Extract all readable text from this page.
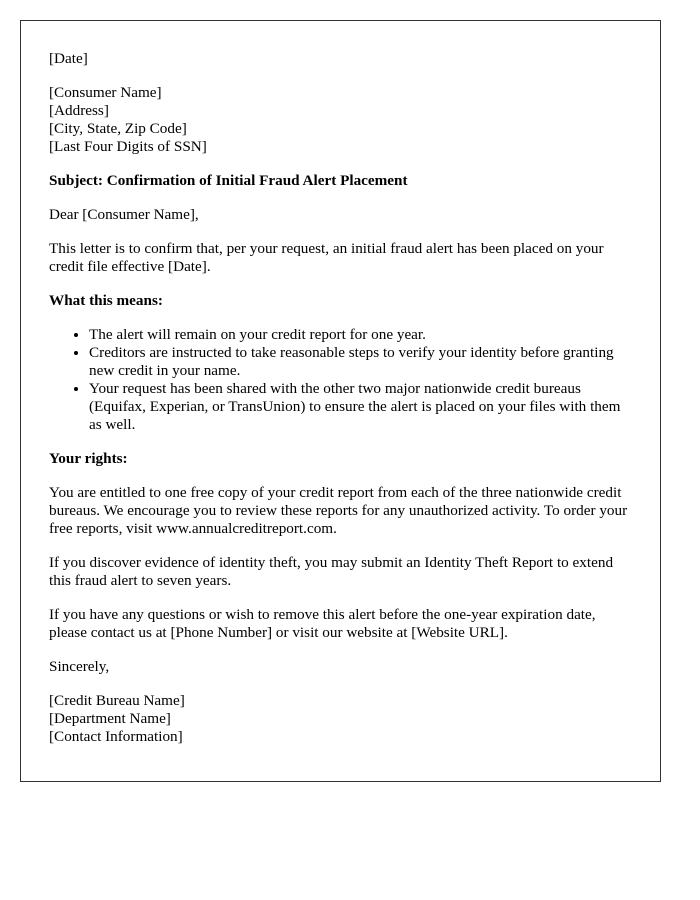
[Date]

[Consumer Name]
[Address]
[City, State, Zip Code]
[Last Four Digits of SSN]

Subject: Confirmation of Initial Fraud Alert Placement

Dear [Consumer Name],

This letter is to confirm that, per your request, an initial fraud alert has been placed on your credit file effective [Date].

What this means:

• The alert will remain on your credit report for one year.
• Creditors are instructed to take reasonable steps to verify your identity before granting new credit in your name.
• Your request has been shared with the other two major nationwide credit bureaus (Equifax, Experian, or TransUnion) to ensure the alert is placed on your files with them as well.

Your rights:

You are entitled to one free copy of your credit report from each of the three nationwide credit bureaus. We encourage you to review these reports for any unauthorized activity. To order your free reports, visit www.annualcreditreport.com.

If you discover evidence of identity theft, you may submit an Identity Theft Report to extend this fraud alert to seven years.

If you have any questions or wish to remove this alert before the one-year expiration date, please contact us at [Phone Number] or visit our website at [Website URL].

Sincerely,

[Credit Bureau Name]
[Department Name]
[Contact Information]
